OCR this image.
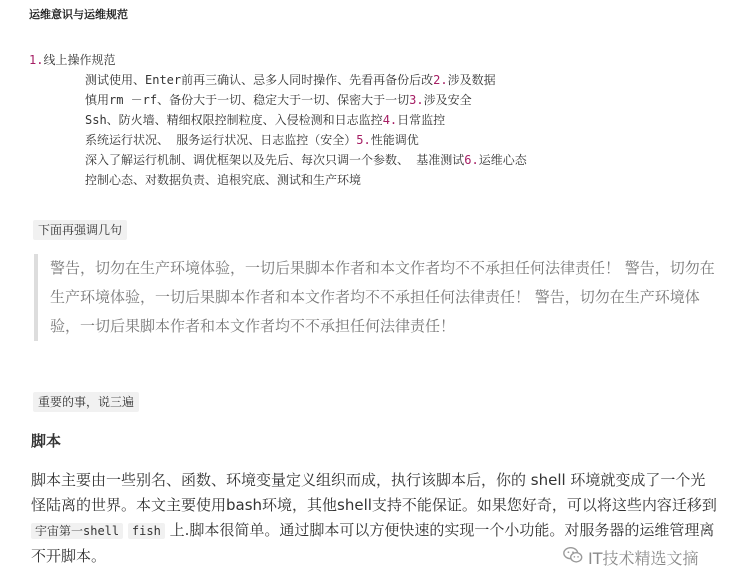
运维意识与运维规范
1.线上操作规范
测试使用、Enter前再三确认、忌多人同时操作、先看再备份后改2.涉及数据
慎用rm －rf、备份大于一切、稳定大于一切、保密大于一切3.涉及安全
Ssh、防火墙、精细权限控制粒度、入侵检测和日志监控4.日常监控
系统运行状况、 服务运行状况、日志监控（安全）5.性能调优
深入了解运行机制、调优框架以及先后、每次只调一个参数、 基准测试6.运维心态
控制心态、对数据负责、追根究底、测试和生产环境
下面再强调几句

警告，切勿在生产环境体验，一切后果脚本作者和本文作者均不不承担任何法律责任！ 警告，切勿在生产环境体验，一切后果脚本作者和本文作者均不不承担任何法律责任！ 警告，切勿在生产环境体验，一切后果脚本作者和本文作者均不不承担任何法律责任！

重要的事，说三遍
脚本

脚本主要由一些别名、函数、环境变量定义组织而成，执行该脚本后，你的 shell 环境就变成了一个光怪陆离的世界。本文主要使用bash环境，其他shell支持不能保证。如果您好奇，可以将这些内容迁移到 宇宙第一shell fish 上.脚本很简单。通过脚本可以方便快速的实现一个小功能。对服务器的运维管理离不开脚本。	IT技术精选文摘
